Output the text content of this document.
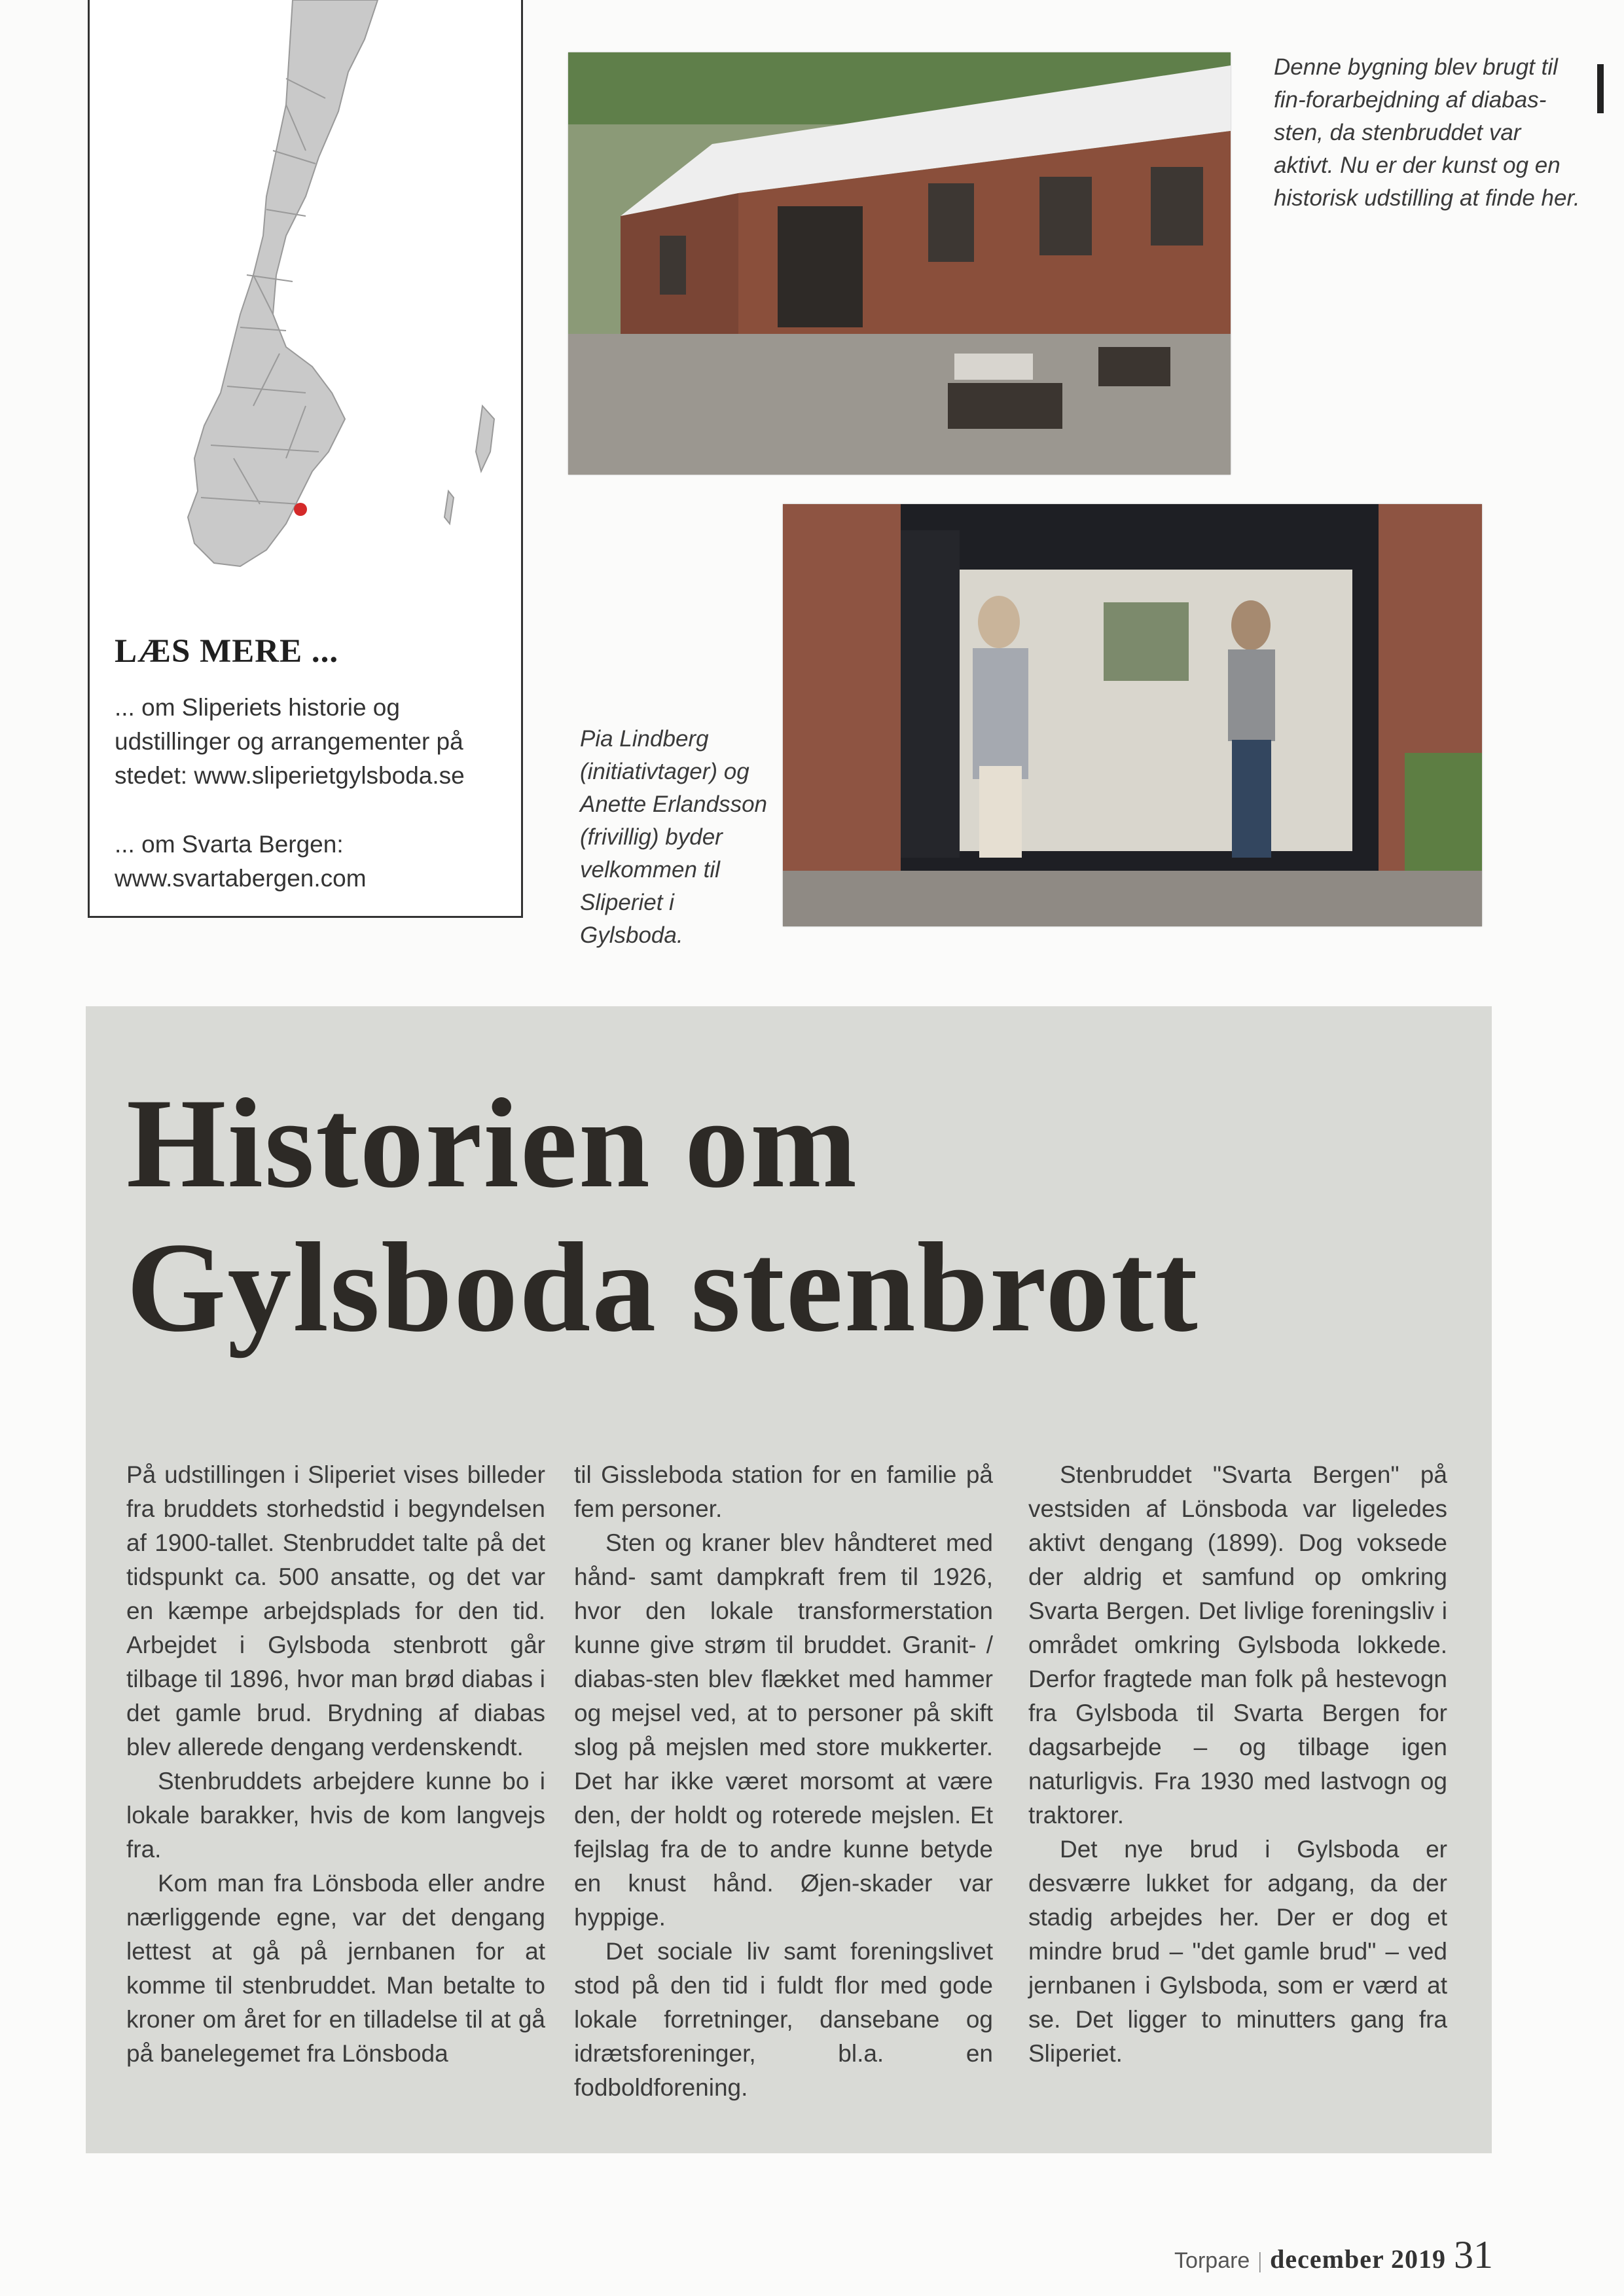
LÆS MERE ...
... om Sliperiets historie og udstillinger og arrangementer på stedet: www.sliperietgylsboda.se
... om Svarta Bergen: www.svartabergen.com
Denne bygning blev brugt til fin-forarbejdning af diabas-sten, da stenbruddet var aktivt. Nu er der kunst og en historisk udstilling at finde her.
Pia Lindberg (initiativtager) og Anette Erlandsson (frivillig) byder velkommen til Sliperiet i Gylsboda.
Historien om
Gylsboda stenbrott

På udstillingen i Sliperiet vises billeder fra bruddets storhedstid i begyndelsen af 1900-tallet. Stenbruddet talte på det tidspunkt ca. 500 ansatte, og det var en kæmpe arbejdsplads for den tid. Arbejdet i Gylsboda stenbrott går tilbage til 1896, hvor man brød diabas i det gamle brud. Brydning af diabas blev allerede dengang verdenskendt.

Stenbruddets arbejdere kunne bo i lokale barakker, hvis de kom langvejs fra.

Kom man fra Lönsboda eller andre nærliggende egne, var det dengang lettest at gå på jernbanen for at komme til stenbruddet. Man betalte to kroner om året for en tilladelse til at gå på banelegemet fra Lönsboda

til Gissleboda station for en familie på fem personer.

Sten og kraner blev håndteret med hånd- samt dampkraft frem til 1926, hvor den lokale transformerstation kunne give strøm til bruddet. Granit- / diabas-sten blev flækket med hammer og mejsel ved, at to personer på skift slog på mejslen med store mukkerter. Det har ikke været morsomt at være den, der holdt og roterede mejslen. Et fejlslag fra de to andre kunne betyde en knust hånd. Øjen-skader var hyppige.

Det sociale liv samt foreningslivet stod på den tid i fuldt flor med gode lokale forretninger, dansebane og idrætsforeninger, bl.a. en fodboldforening.

Stenbruddet "Svarta Bergen" på vestsiden af Lönsboda var ligeledes aktivt dengang (1899). Dog voksede der aldrig et samfund op omkring Svarta Bergen. Det livlige foreningsliv i området omkring Gylsboda lokkede. Derfor fragtede man folk på hestevogn fra Gylsboda til Svarta Bergen for dagsarbejde – og tilbage igen naturligvis. Fra 1930 med lastvogn og traktorer.

Det nye brud i Gylsboda er desværre lukket for adgang, da der stadig arbejdes her. Der er dog et mindre brud – "det gamle brud" – ved jernbanen i Gylsboda, som er værd at se. Det ligger to minutters gang fra Sliperiet.

Torpare | december 2019 31
